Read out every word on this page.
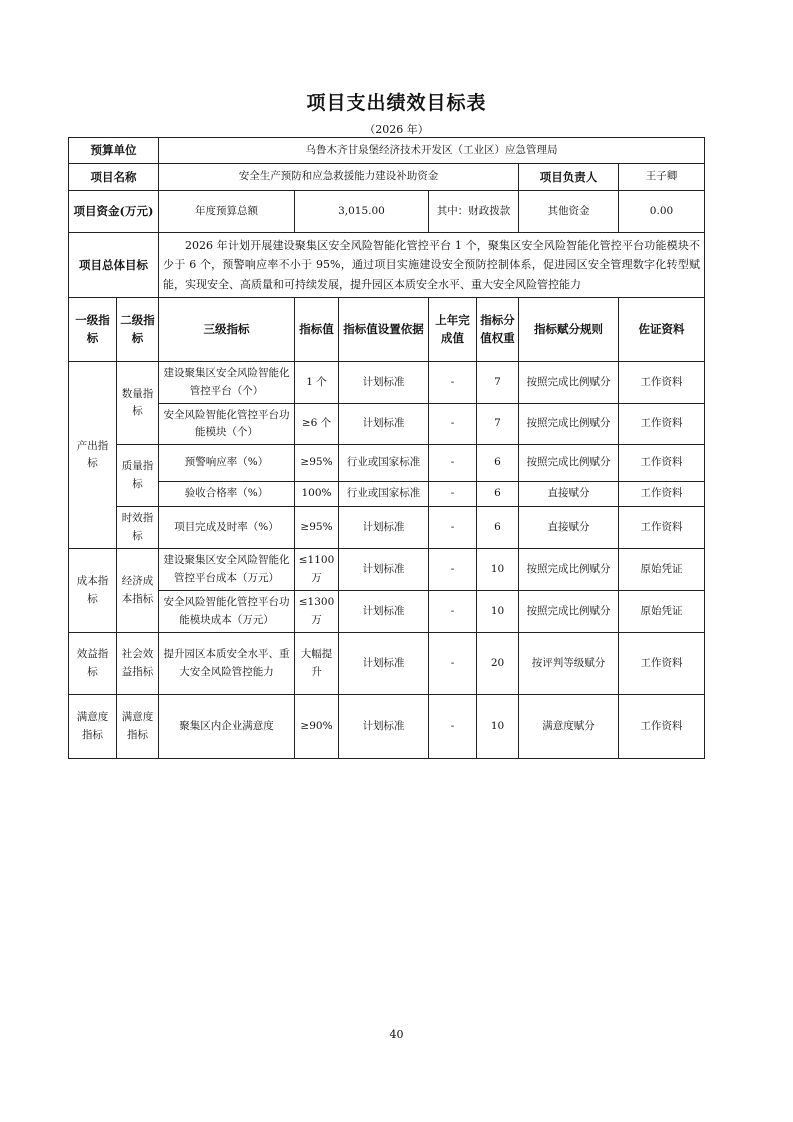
项目支出绩效目标表
（2026 年）
预算单位		乌鲁木齐甘泉堡经济技术开发区（工业区）应急管理局						
项目名称		安全生产预防和应急救援能力建设补助资金					项目负责人	王子卿
项目资金(万元)		年度预算总额	3,015.00		其中：财政拨款		其他资金	0.00
项目总体目标		2026 年计划开展建设聚集区安全风险智能化管控平台 1 个，聚集区安全风险智能化管控平台功能模块不少于 6 个，预警响应率不小于 95%，通过项目实施建设安全预防控制体系，促进园区安全管理数字化转型赋能，实现安全、高质量和可持续发展，提升园区本质安全水平、重大安全风险管控能力						
一级指标	二级指标	三级指标	指标值	指标值设置依据	上年完成值	指标分值权重	指标赋分规则	佐证资料
产出指标	数量指标	建设聚集区安全风险智能化管控平台（个）	1 个	计划标准	-	7	按照完成比例赋分	工作资料
		安全风险智能化管控平台功能模块（个）	≥6 个	计划标准	-	7	按照完成比例赋分	工作资料
	质量指标	预警响应率（%）	≥95%	行业或国家标准	-	6	按照完成比例赋分	工作资料
		验收合格率（%）	100%	行业或国家标准	-	6	直接赋分	工作资料
	时效指标	项目完成及时率（%）	≥95%	计划标准	-	6	直接赋分	工作资料
成本指标	经济成本指标	建设聚集区安全风险智能化管控平台成本（万元）	≤1100 万	计划标准	-	10	按照完成比例赋分	原始凭证
		安全风险智能化管控平台功能模块成本（万元）	≤1300 万	计划标准	-	10	按照完成比例赋分	原始凭证
效益指标	社会效益指标	提升园区本质安全水平、重大安全风险管控能力	大幅提升	计划标准	-	20	按评判等级赋分	工作资料
满意度指标	满意度指标	聚集区内企业满意度	≥90%	计划标准	-	10	满意度赋分	工作资料
40
